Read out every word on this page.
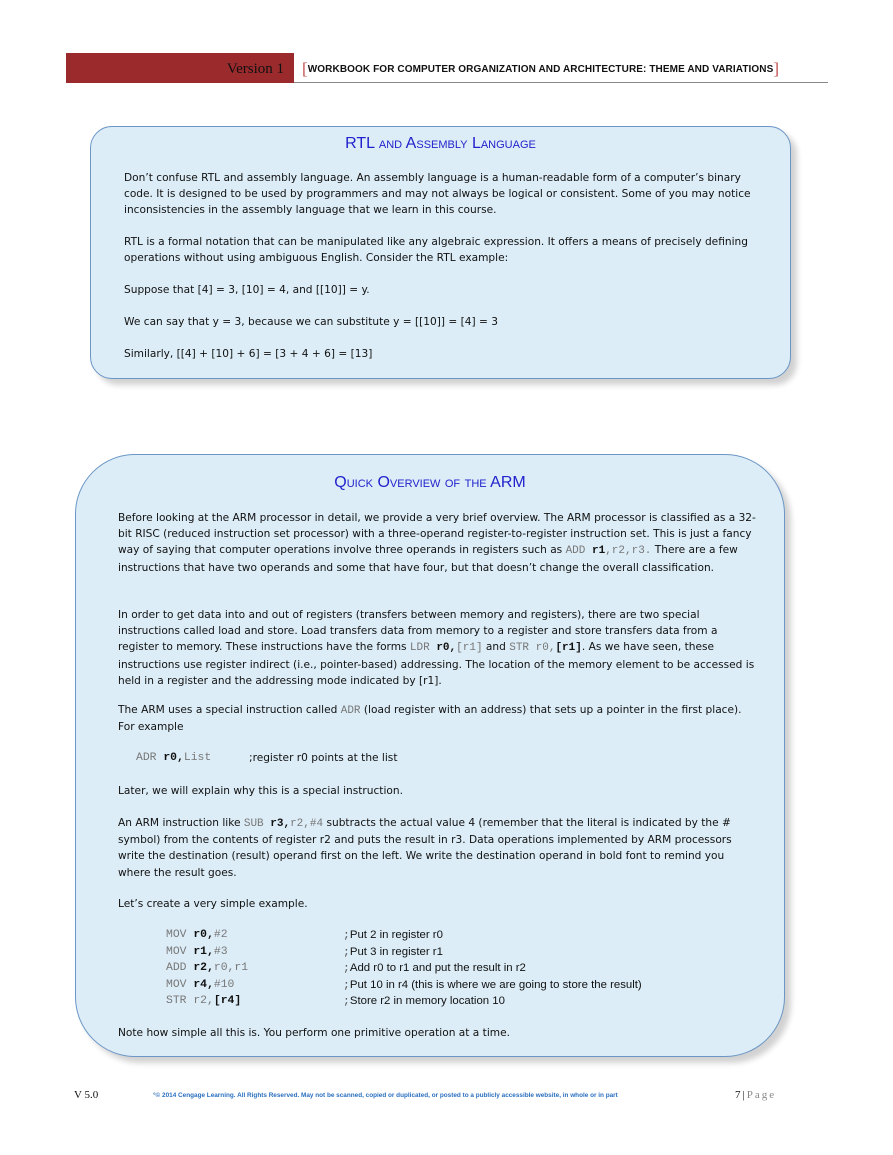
Version 1	[WORKBOOK FOR COMPUTER ORGANIZATION AND ARCHITECTURE: THEME AND VARIATIONS]
RTL and Assembly Language
Don’t confuse RTL and assembly language. An assembly language is a human-readable form of a computer’s binary code. It is designed to be used by programmers and may not always be logical or consistent. Some of you may notice inconsistencies in the assembly language that we learn in this course.
RTL is a formal notation that can be manipulated like any algebraic expression. It offers a means of precisely defining operations without using ambiguous English. Consider the RTL example:
Suppose that [4] = 3, [10] = 4, and [[10]] = y.
We can say that y = 3, because we can substitute y = [[10]] = [4] = 3
Similarly, [[4] + [10] + 6] = [3 + 4 + 6] = [13]
Quick Overview of the ARM
Before looking at the ARM processor in detail, we provide a very brief overview. The ARM processor is classified as a 32-bit RISC (reduced instruction set processor) with a three-operand register-to-register instruction set. This is just a fancy way of saying that computer operations involve three operands in registers such as ADD r1,r2,r3. There are a few instructions that have two operands and some that have four, but that doesn’t change the overall classification.
In order to get data into and out of registers (transfers between memory and registers), there are two special instructions called load and store. Load transfers data from memory to a register and store transfers data from a register to memory. These instructions have the forms LDR r0,[r1] and STR r0,[r1]. As we have seen, these instructions use register indirect (i.e., pointer-based) addressing. The location of the memory element to be accessed is held in a register and the addressing mode indicated by [r1].
The ARM uses a special instruction called ADR (load register with an address) that sets up a pointer in the first place). For example
ADR r0,List	;register r0 points at the list
Later, we will explain why this is a special instruction.
An ARM instruction like SUB r3,r2,#4 subtracts the actual value 4 (remember that the literal is indicated by the # symbol) from the contents of register r2 and puts the result in r3. Data operations implemented by ARM processors write the destination (result) operand first on the left. We write the destination operand in bold font to remind you where the result goes.
Let’s create a very simple example.
MOV r0,#2	;Put 2 in register r0
MOV r1,#3	;Put 3 in register r1
ADD r2,r0,r1	;Add r0 to r1 and put the result in r2
MOV r4,#10	;Put 10 in r4 (this is where we are going to store the result)
STR r2,[r4]	;Store r2 in memory location 10
Note how simple all this is. You perform one primitive operation at a time.
V 5.0	°© 2014 Cengage Learning. All Rights Reserved. May not be scanned, copied or duplicated, or posted to a publicly accessible website, in whole or in part	7|Page
